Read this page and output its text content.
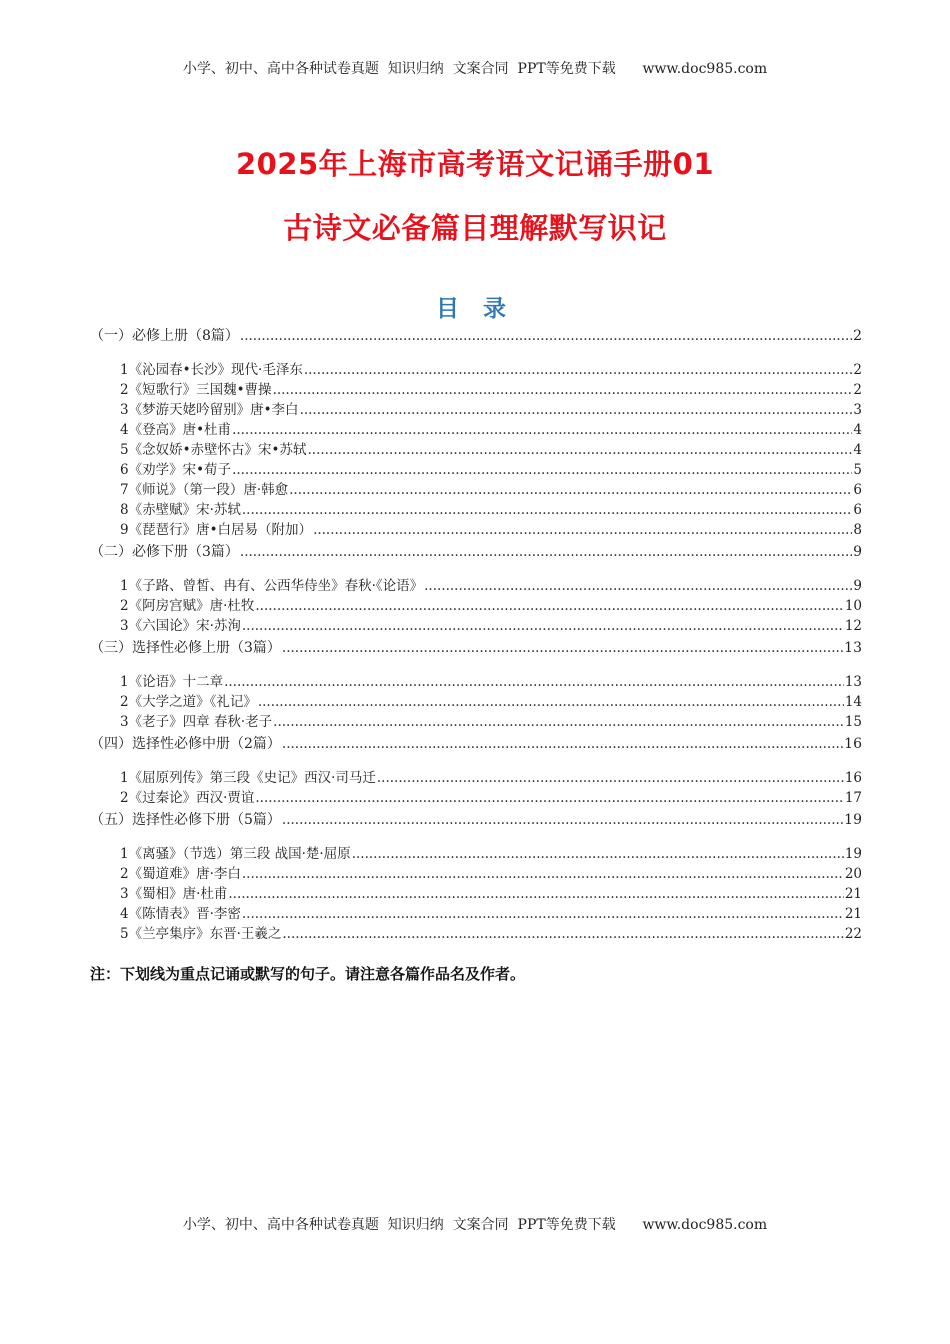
小学、初中、高中各种试卷真题  知识归纳  文案合同  PPT等免费下载      www.doc985.com
2025年上海市高考语文记诵手册01
古诗文必备篇目理解默写识记
目 录
（一）必修上册（8篇） .....	2
1《沁园春•长沙》现代·毛泽东 .....	2
2《短歌行》三国魏•曹操 .....	2
3《梦游天姥吟留别》唐•李白 .....	3
4《登高》唐•杜甫 .....	4
5《念奴娇•赤壁怀古》宋•苏轼 .....	4
6《劝学》宋•荀子 .....	5
7《师说》（第一段）唐·韩愈 .....	6
8《赤壁赋》宋·苏轼 .....	6
9《琵琶行》唐•白居易（附加） .....	8
（二）必修下册（3篇） .....	9
1《子路、曾皙、冉有、公西华侍坐》春秋·《论语》 .....	9
2《阿房宫赋》唐·杜牧 .....	10
3《六国论》宋·苏洵 .....	12
（三）选择性必修上册（3篇） .....	13
1《论语》十二章 .....	13
2《大学之道》《礼记》 .....	14
3《老子》四章 春秋·老子 .....	15
（四）选择性必修中册（2篇） .....	16
1《屈原列传》第三段《史记》西汉·司马迁 .....	16
2《过秦论》西汉·贾谊 .....	17
（五）选择性必修下册（5篇） .....	19
1《离骚》（节选）第三段 战国·楚·屈原 .....	19
2《蜀道难》唐·李白 .....	20
3《蜀相》唐·杜甫 .....	21
4《陈情表》晋·李密 .....	21
5《兰亭集序》东晋·王羲之 .....	22
注：下划线为重点记诵或默写的句子。请注意各篇作品名及作者。
小学、初中、高中各种试卷真题  知识归纳  文案合同  PPT等免费下载      www.doc985.com
